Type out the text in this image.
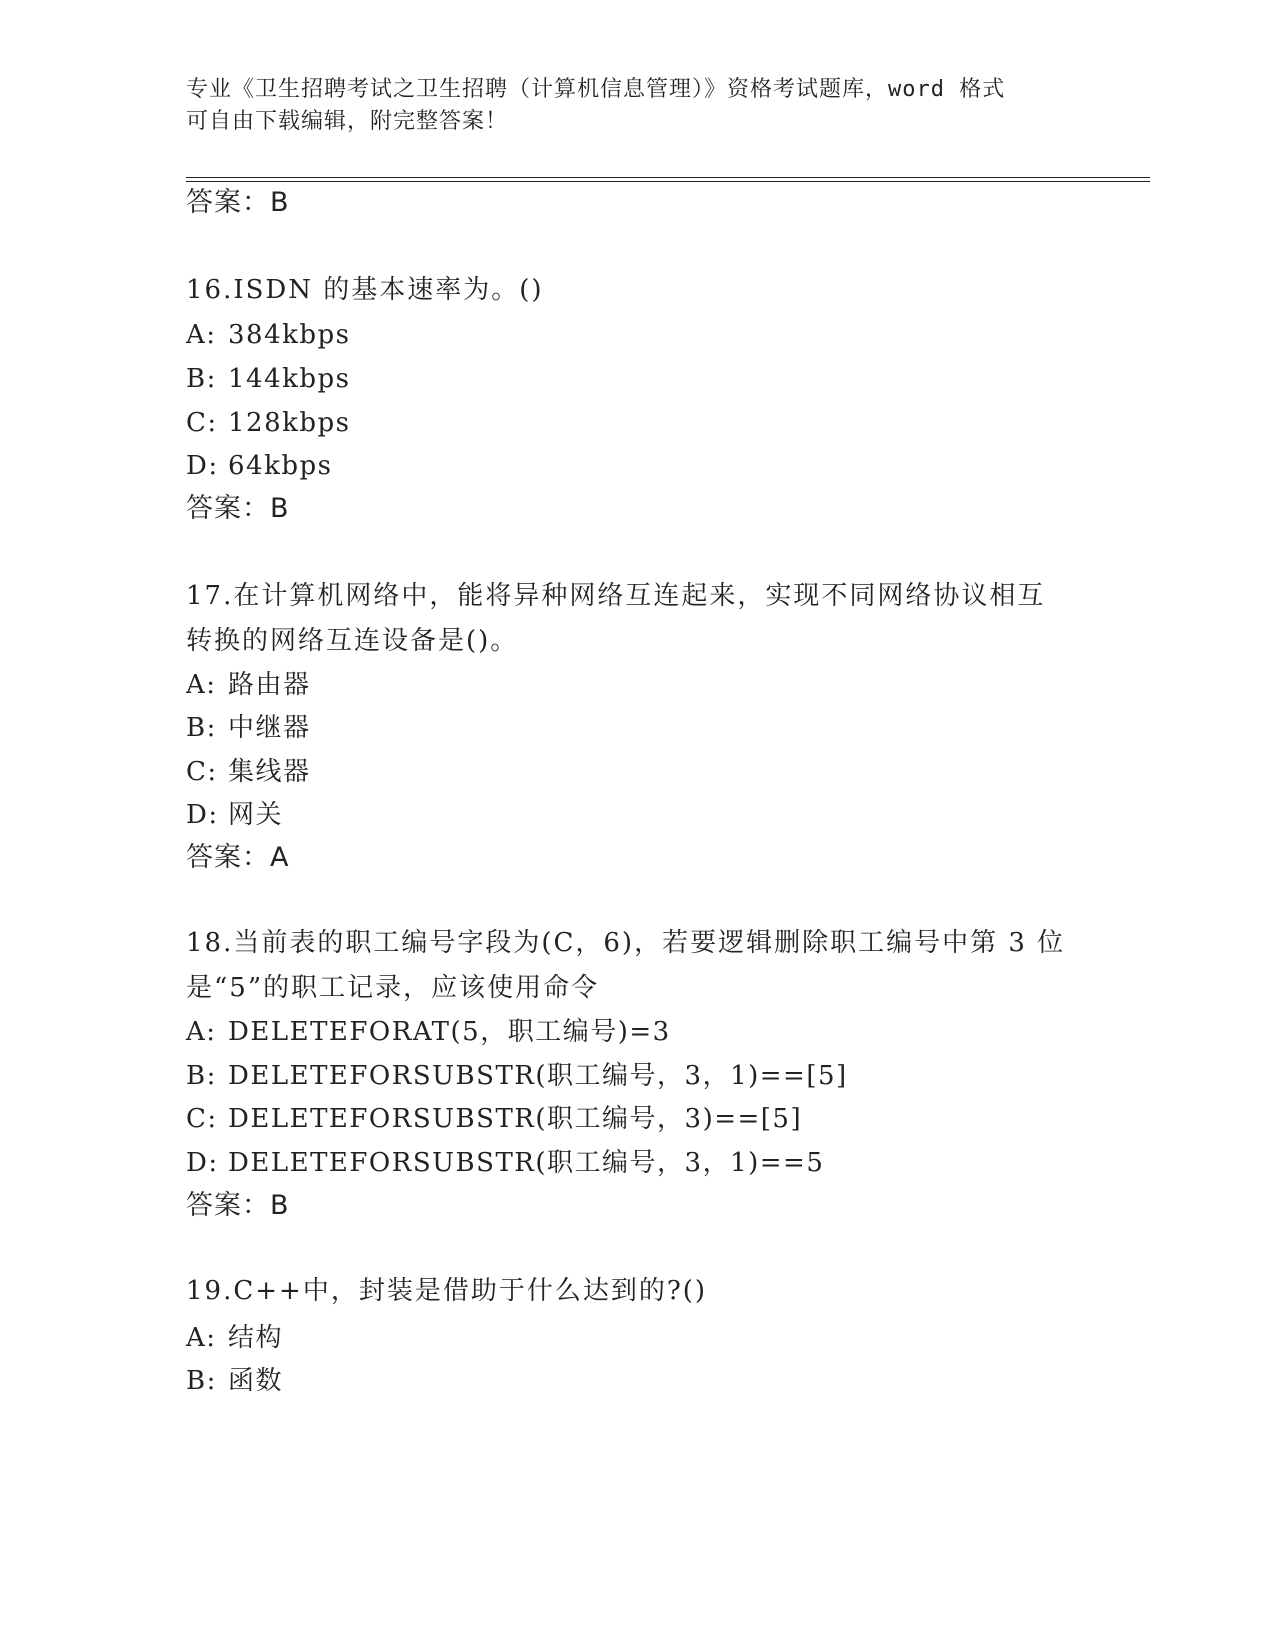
专业《卫生招聘考试之卫生招聘（计算机信息管理）》资格考试题库，word 格式
可自由下载编辑，附完整答案！
答案：B
16.ISDN 的基本速率为。()
A: 384kbps
B: 144kbps
C: 128kbps
D: 64kbps
答案：B
17.在计算机网络中，能将异种网络互连起来，实现不同网络协议相互
转换的网络互连设备是()。
A: 路由器
B: 中继器
C: 集线器
D: 网关
答案：A
18.当前表的职工编号字段为(C，6)，若要逻辑删除职工编号中第 3 位
是“5”的职工记录，应该使用命令
A: DELETEFORAT(5，职工编号)=3
B: DELETEFORSUBSTR(职工编号，3，1)==[5]
C: DELETEFORSUBSTR(职工编号，3)==[5]
D: DELETEFORSUBSTR(职工编号，3，1)==5
答案：B
19.C++中，封装是借助于什么达到的?()
A: 结构
B: 函数
